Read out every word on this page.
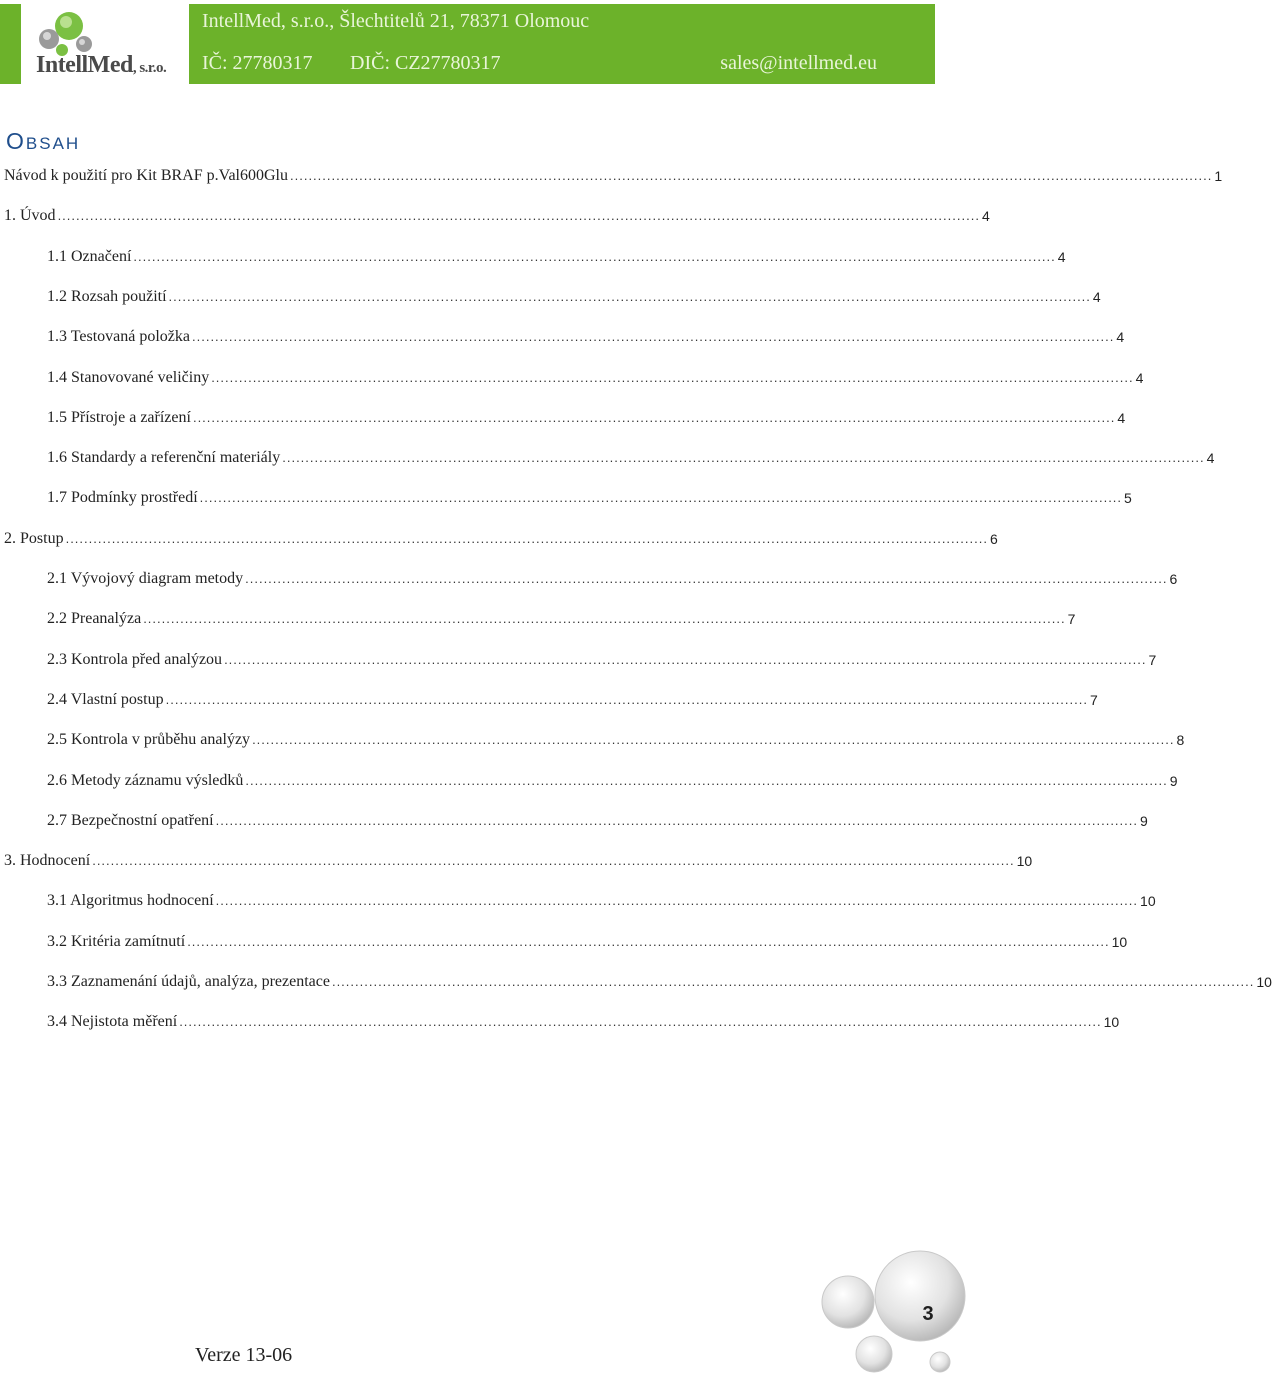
IntellMed, s.r.o.
IntellMed, s.r.o., Šlechtitelů 21, 78371 Olomouc
IČ: 27780317 DIČ: CZ27780317	sales@intellmed.eu
OBSAH
Návod k použití pro Kit BRAF p.Val600Glu ........................................................................................................................................................................................................ 1
1. Úvod ........................................................................................................................................................................................................ 4
1.1 Označení ........................................................................................................................................................................................................ 4
1.2 Rozsah použití ........................................................................................................................................................................................................ 4
1.3 Testovaná položka ........................................................................................................................................................................................................ 4
1.4 Stanovované veličiny ........................................................................................................................................................................................................ 4
1.5 Přístroje a zařízení ........................................................................................................................................................................................................ 4
1.6 Standardy a referenční materiály ........................................................................................................................................................................................................ 4
1.7 Podmínky prostředí ........................................................................................................................................................................................................ 5
2. Postup ........................................................................................................................................................................................................ 6
2.1 Vývojový diagram metody ........................................................................................................................................................................................................ 6
2.2 Preanalýza ........................................................................................................................................................................................................ 7
2.3 Kontrola před analýzou ........................................................................................................................................................................................................ 7
2.4 Vlastní postup ........................................................................................................................................................................................................ 7
2.5 Kontrola v průběhu analýzy ........................................................................................................................................................................................................ 8
2.6 Metody záznamu výsledků ........................................................................................................................................................................................................ 9
2.7 Bezpečnostní opatření ........................................................................................................................................................................................................ 9
3. Hodnocení ........................................................................................................................................................................................................ 10
3.1 Algoritmus hodnocení ........................................................................................................................................................................................................ 10
3.2 Kritéria zamítnutí ........................................................................................................................................................................................................ 10
3.3 Zaznamenání údajů, analýza, prezentace ........................................................................................................................................................................................................ 10
3.4 Nejistota měření ........................................................................................................................................................................................................ 10
Verze 13-06
3
